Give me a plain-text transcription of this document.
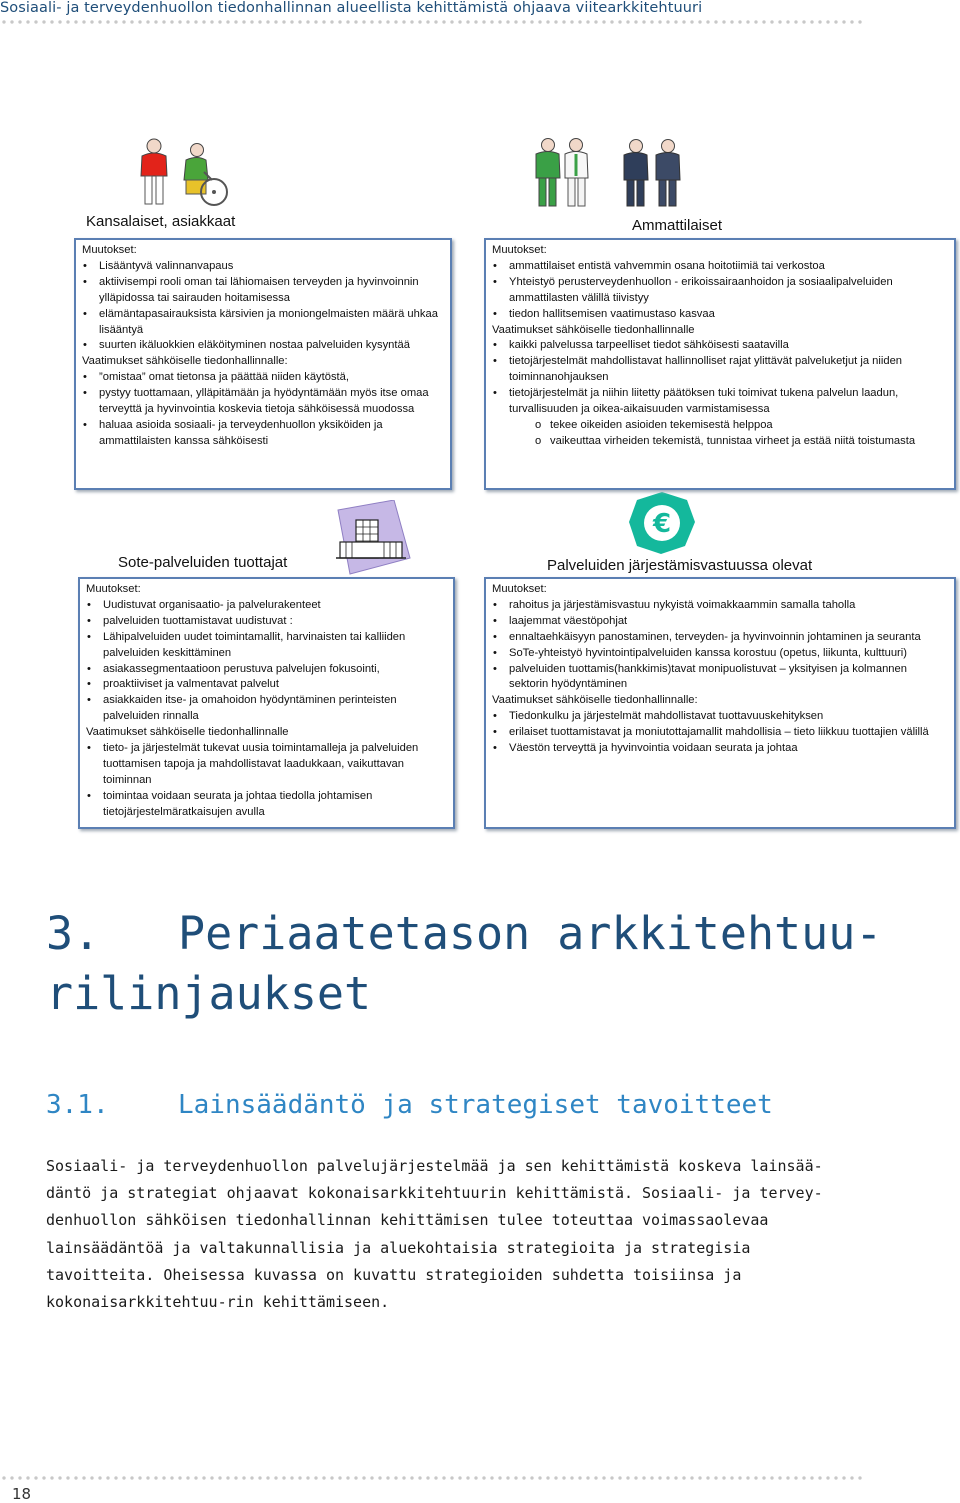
Sosiaali- ja terveydenhuollon tiedonhallinnan alueellista kehittämistä ohjaava viitearkkitehtuuri
€
Kansalaiset, asiakkaat
Muutokset:
• Lisääntyvä valinnanvapaus
• aktiivisempi rooli oman tai lähiomaisen terveyden ja hyvinvoinnin ylläpidossa tai sairauden hoitamisessa
• elämäntapasairauksista kärsivien ja moniongelmaisten määrä uhkaa lisääntyä
• suurten ikäluokkien eläköityminen nostaa palveluiden kysyntää
Vaatimukset sähköiselle tiedonhallinnalle:
• ”omistaa” omat tietonsa ja päättää niiden käytöstä,
• pystyy tuottamaan, ylläpitämään ja hyödyntämään myös itse omaa terveyttä ja hyvinvointia koskevia tietoja sähköisessä muodossa
• haluaa asioida sosiaali- ja terveydenhuollon yksiköiden ja ammattilaisten kanssa sähköisesti
Ammattilaiset
Muutokset:
• ammattilaiset entistä vahvemmin osana hoitotiimiä tai verkostoa
• Yhteistyö perusterveydenhuollon - erikoissairaanhoidon ja sosiaalipalveluiden ammattilasten välillä tiivistyy
• tiedon hallitsemisen vaatimustaso kasvaa
Vaatimukset sähköiselle tiedonhallinnalle
• kaikki palvelussa tarpeelliset tiedot sähköisesti saatavilla
• tietojärjestelmät mahdollistavat hallinnolliset rajat ylittävät palveluketjut ja niiden toiminnanohjauksen
• tietojärjestelmät ja niihin liitetty päätöksen tuki toimivat tukena palvelun laadun, turvallisuuden ja oikea-aikaisuuden varmistamisessa
o tekee oikeiden asioiden tekemisestä helppoa
o vaikeuttaa virheiden tekemistä, tunnistaa virheet ja estää niitä toistumasta
Sote-palveluiden tuottajat
Muutokset:
• Uudistuvat organisaatio- ja palvelurakenteet
• palveluiden tuottamistavat uudistuvat :
• Lähipalveluiden uudet toimintamallit, harvinaisten tai kalliiden palveluiden keskittäminen
• asiakassegmentaatioon perustuva palvelujen fokusointi,
• proaktiiviset ja valmentavat palvelut
• asiakkaiden itse- ja omahoidon hyödyntäminen perinteisten palveluiden rinnalla
Vaatimukset sähköiselle tiedonhallinnalle
• tieto- ja järjestelmät tukevat uusia toimintamalleja ja palveluiden tuottamisen tapoja ja mahdollistavat laadukkaan, vaikuttavan toiminnan
• toimintaa voidaan seurata ja johtaa tiedolla johtamisen tietojärjestelmäratkaisujen avulla
Palveluiden järjestämisvastuussa olevat
Muutokset:
• rahoitus ja järjestämisvastuu nykyistä voimakkaammin samalla taholla
• laajemmat väestöpohjat
• ennaltaehkäisyyn panostaminen, terveyden- ja hyvinvoinnin johtaminen ja seuranta
• SoTe-yhteistyö hyvintointipalveluiden kanssa korostuu (opetus, liikunta, kulttuuri)
• palveluiden tuottamis(hankkimis)tavat monipuolistuvat – yksityisen ja kolmannen sektorin hyödyntäminen
Vaatimukset sähköiselle tiedonhallinnalle:
• Tiedonkulku ja järjestelmät mahdollistavat tuottavuuskehityksen
• erilaiset tuottamistavat ja moniutottajamallit mahdollisia – tieto liikkuu tuottajien välillä
• Väestön terveyttä ja hyvinvointia voidaan seurata ja johtaa
3. Periaatetason arkkitehtuu-rilinjaukset
3.1.	Lainsäädäntö ja strategiset tavoitteet
Sosiaali- ja terveydenhuollon palvelujärjestelmää ja sen kehittämistä koskeva lainsää-däntö ja strategiat ohjaavat kokonaisarkkitehtuurin kehittämistä. Sosiaali- ja tervey-denhuollon sähköisen tiedonhallinnan kehittämisen tulee toteuttaa voimassaolevaa lainsäädäntöä ja valtakunnallisia ja aluekohtaisia strategioita ja strategisia tavoitteita. Oheisessa kuvassa on kuvattu strategioiden suhdetta toisiinsa ja kokonaisarkkitehtuu-rin kehittämiseen.
18
